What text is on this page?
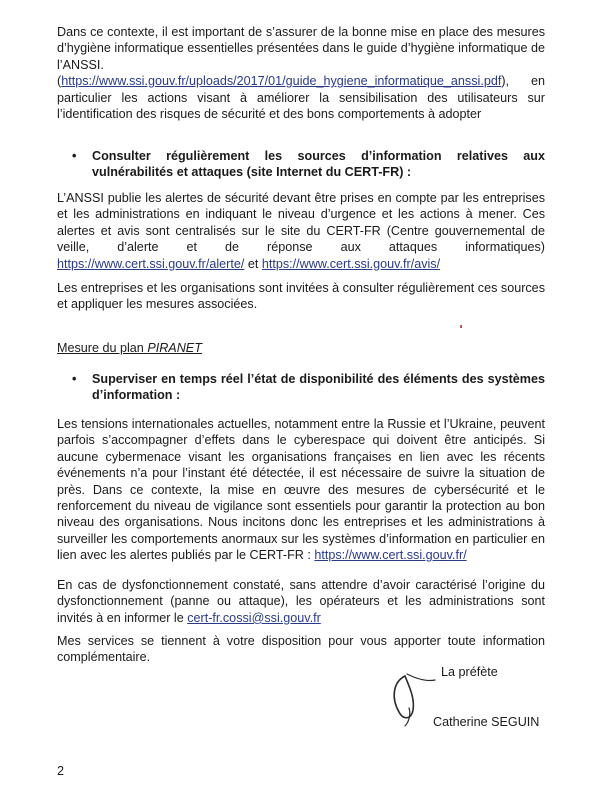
Dans ce contexte, il est important de s’assurer de la bonne mise en place des mesures d’hygiène informatique essentielles présentées dans le guide d’hygiène informatique de l’ANSSI.
(https://www.ssi.gouv.fr/uploads/2017/01/guide_hygiene_informatique_anssi.pdf), en particulier les actions visant à améliorer la sensibilisation des utilisateurs sur l’identification des risques de sécurité et des bons comportements à adopter
• Consulter régulièrement les sources d’information relatives aux vulnérabilités et attaques (site Internet du CERT-FR) :
L’ANSSI publie les alertes de sécurité devant être prises en compte par les entreprises et les administrations en indiquant le niveau d’urgence et les actions à mener. Ces alertes et avis sont centralisés sur le site du CERT-FR (Centre gouvernemental de veille, d’alerte et de réponse aux attaques informatiques) https://www.cert.ssi.gouv.fr/alerte/ et https://www.cert.ssi.gouv.fr/avis/
Les entreprises et les organisations sont invitées à consulter régulièrement ces sources et appliquer les mesures associées.
Mesure du plan PIRANET
• Superviser en temps réel l’état de disponibilité des éléments des systèmes d’information :
Les tensions internationales actuelles, notamment entre la Russie et l’Ukraine, peuvent parfois s’accompagner d’effets dans le cyberespace qui doivent être anticipés. Si aucune cybermenace visant les organisations françaises en lien avec les récents événements n’a pour l’instant été détectée, il est nécessaire de suivre la situation de près. Dans ce contexte, la mise en œuvre des mesures de cybersécurité et le renforcement du niveau de vigilance sont essentiels pour garantir la protection au bon niveau des organisations. Nous incitons donc les entreprises et les administrations à surveiller les comportements anormaux sur les systèmes d’information en particulier en lien avec les alertes publiés par le CERT-FR : https://www.cert.ssi.gouv.fr/
En cas de dysfonctionnement constaté, sans attendre d’avoir caractérisé l’origine du dysfonctionnement (panne ou attaque), les opérateurs et les administrations sont invités à en informer le cert-fr.cossi@ssi.gouv.fr
Mes services se tiennent à votre disposition pour vous apporter toute information complémentaire.
La préfète
Catherine SEGUIN
2
